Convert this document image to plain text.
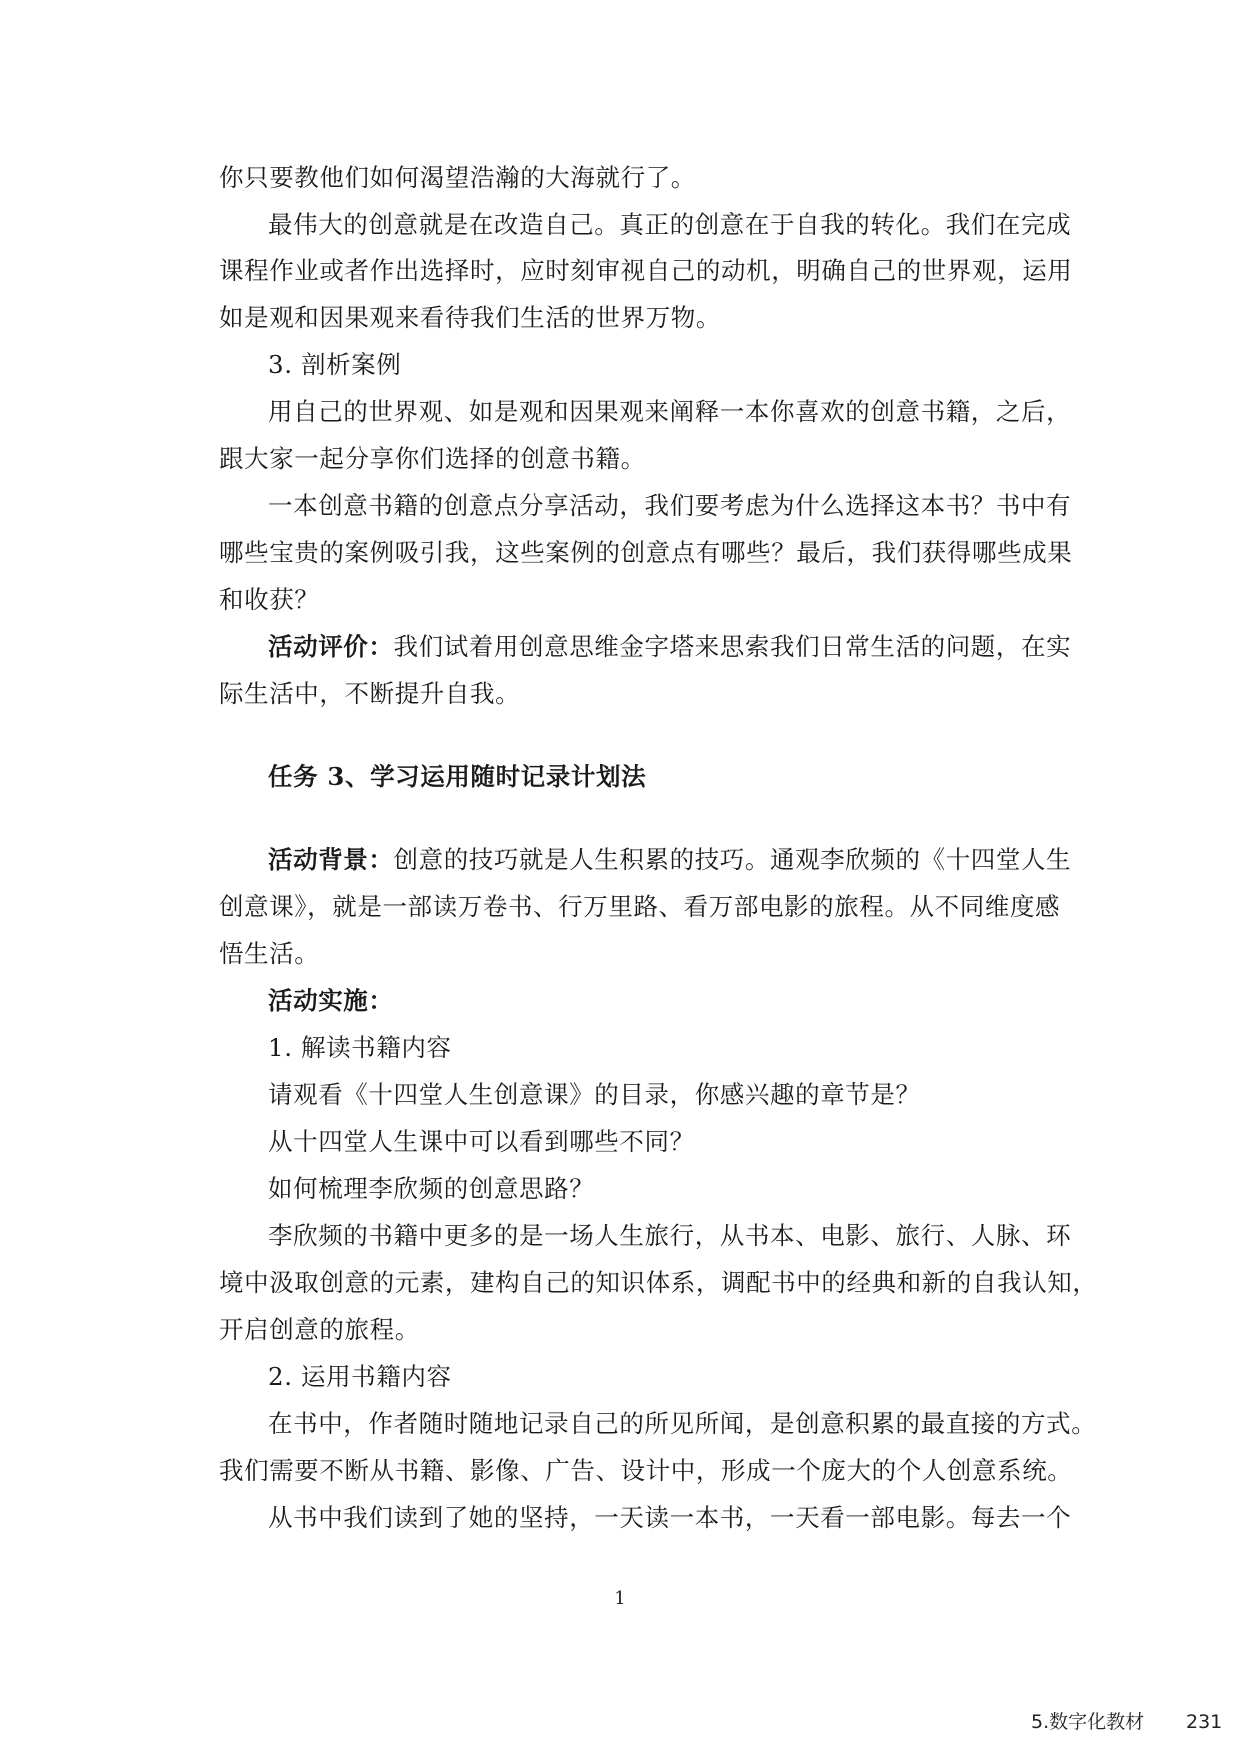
你只要教他们如何渴望浩瀚的大海就行了。
最伟大的创意就是在改造自己。真正的创意在于自我的转化。我们在完成
课程作业或者作出选择时，应时刻审视自己的动机，明确自己的世界观，运用
如是观和因果观来看待我们生活的世界万物。
3. 剖析案例
用自己的世界观、如是观和因果观来阐释一本你喜欢的创意书籍，之后，
跟大家一起分享你们选择的创意书籍。
一本创意书籍的创意点分享活动，我们要考虑为什么选择这本书？书中有
哪些宝贵的案例吸引我，这些案例的创意点有哪些？最后，我们获得哪些成果
和收获？
活动评价：我们试着用创意思维金字塔来思索我们日常生活的问题，在实
际生活中，不断提升自我。
任务 3、学习运用随时记录计划法
活动背景：创意的技巧就是人生积累的技巧。通观李欣频的《十四堂人生
创意课》，就是一部读万卷书、行万里路、看万部电影的旅程。从不同维度感
悟生活。
活动实施：
1. 解读书籍内容
请观看《十四堂人生创意课》的目录，你感兴趣的章节是？
从十四堂人生课中可以看到哪些不同？
如何梳理李欣频的创意思路？
李欣频的书籍中更多的是一场人生旅行，从书本、电影、旅行、人脉、环
境中汲取创意的元素，建构自己的知识体系，调配书中的经典和新的自我认知，
开启创意的旅程。
2. 运用书籍内容
在书中，作者随时随地记录自己的所见所闻，是创意积累的最直接的方式。
我们需要不断从书籍、影像、广告、设计中，形成一个庞大的个人创意系统。
从书中我们读到了她的坚持，一天读一本书，一天看一部电影。每去一个
1
5.数字化教材 231
